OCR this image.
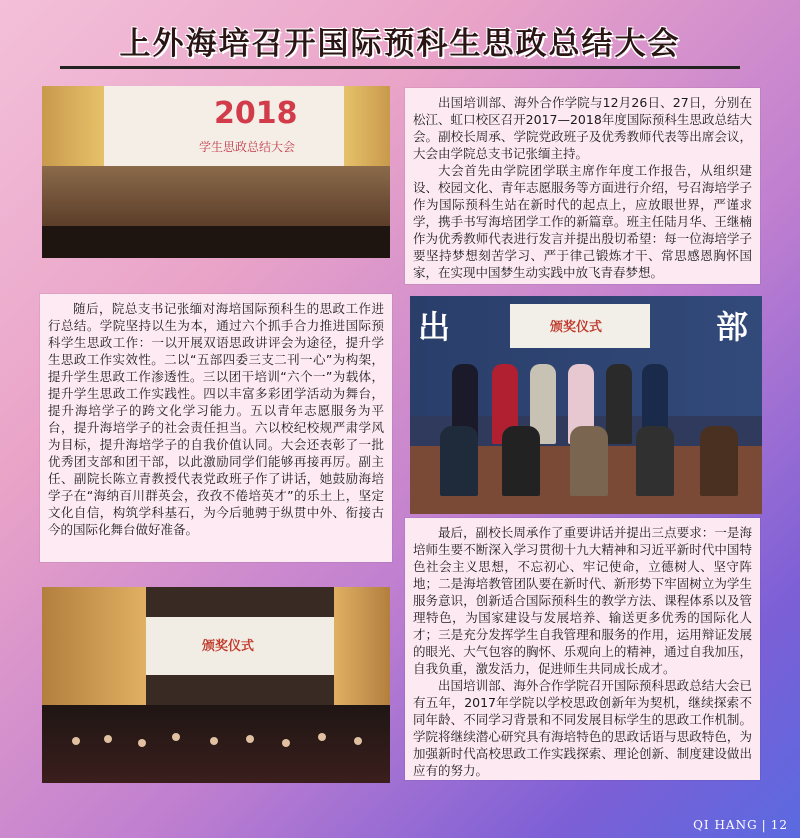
上外海培召开国际预科生思政总结大会
2018
学生思政总结大会

出国培训部、海外合作学院与12月26日、27日，分别在松江、虹口校区召开2017—2018年度国际预科生思政总结大会。副校长周承、学院党政班子及优秀教师代表等出席会议，大会由学院总支书记张缅主持。

大会首先由学院团学联主席作年度工作报告，从组织建设、校园文化、青年志愿服务等方面进行介绍，号召海培学子作为国际预科生站在新时代的起点上，应放眼世界，严谨求学，携手书写海培团学工作的新篇章。班主任陆月华、王继楠作为优秀教师代表进行发言并提出殷切希望：每一位海培学子要坚持梦想刻苦学习、严于律己锻炼才干、常思感恩胸怀国家，在实现中国梦生动实践中放飞青春梦想。

随后，院总支书记张缅对海培国际预科生的思政工作进行总结。学院坚持以生为本，通过六个抓手合力推进国际预科学生思政工作：一以开展双语思政讲评会为途径，提升学生思政工作实效性。二以“五部四委三支二刊一心”为构架，提升学生思政工作渗透性。三以团干培训“六个一”为载体，提升学生思政工作实践性。四以丰富多彩团学活动为舞台，提升海培学子的跨文化学习能力。五以青年志愿服务为平台，提升海培学子的社会责任担当。六以校纪校规严肃学风为目标，提升海培学子的自我价值认同。大会还表彰了一批优秀团支部和团干部，以此激励同学们能够再接再厉。副主任、副院长陈立青教授代表党政班子作了讲话，她鼓励海培学子在“海纳百川群英会，孜孜不倦培英才”的乐土上，坚定文化自信，构筑学科基石，为今后驰骋于纵贯中外、衔接古今的国际化舞台做好准备。

出	部
颁奖仪式

最后，副校长周承作了重要讲话并提出三点要求：一是海培师生要不断深入学习贯彻十九大精神和习近平新时代中国特色社会主义思想，不忘初心、牢记使命，立德树人、坚守阵地；二是海培教管团队要在新时代、新形势下牢固树立为学生服务意识，创新适合国际预科生的教学方法、课程体系以及管理特色，为国家建设与发展培养、输送更多优秀的国际化人才；三是充分发挥学生自我管理和服务的作用，运用辩证发展的眼光、大气包容的胸怀、乐观向上的精神，通过自我加压，自我负重，激发活力，促进师生共同成长成才。

出国培训部、海外合作学院召开国际预科思政总结大会已有五年，2017年学院以学校思政创新年为契机，继续探索不同年龄、不同学习背景和不同发展目标学生的思政工作机制。学院将继续潜心研究具有海培特色的思政话语与思政特色，为加强新时代高校思政工作实践探索、理论创新、制度建设做出应有的努力。

颁奖仪式
QI HANG | 12
